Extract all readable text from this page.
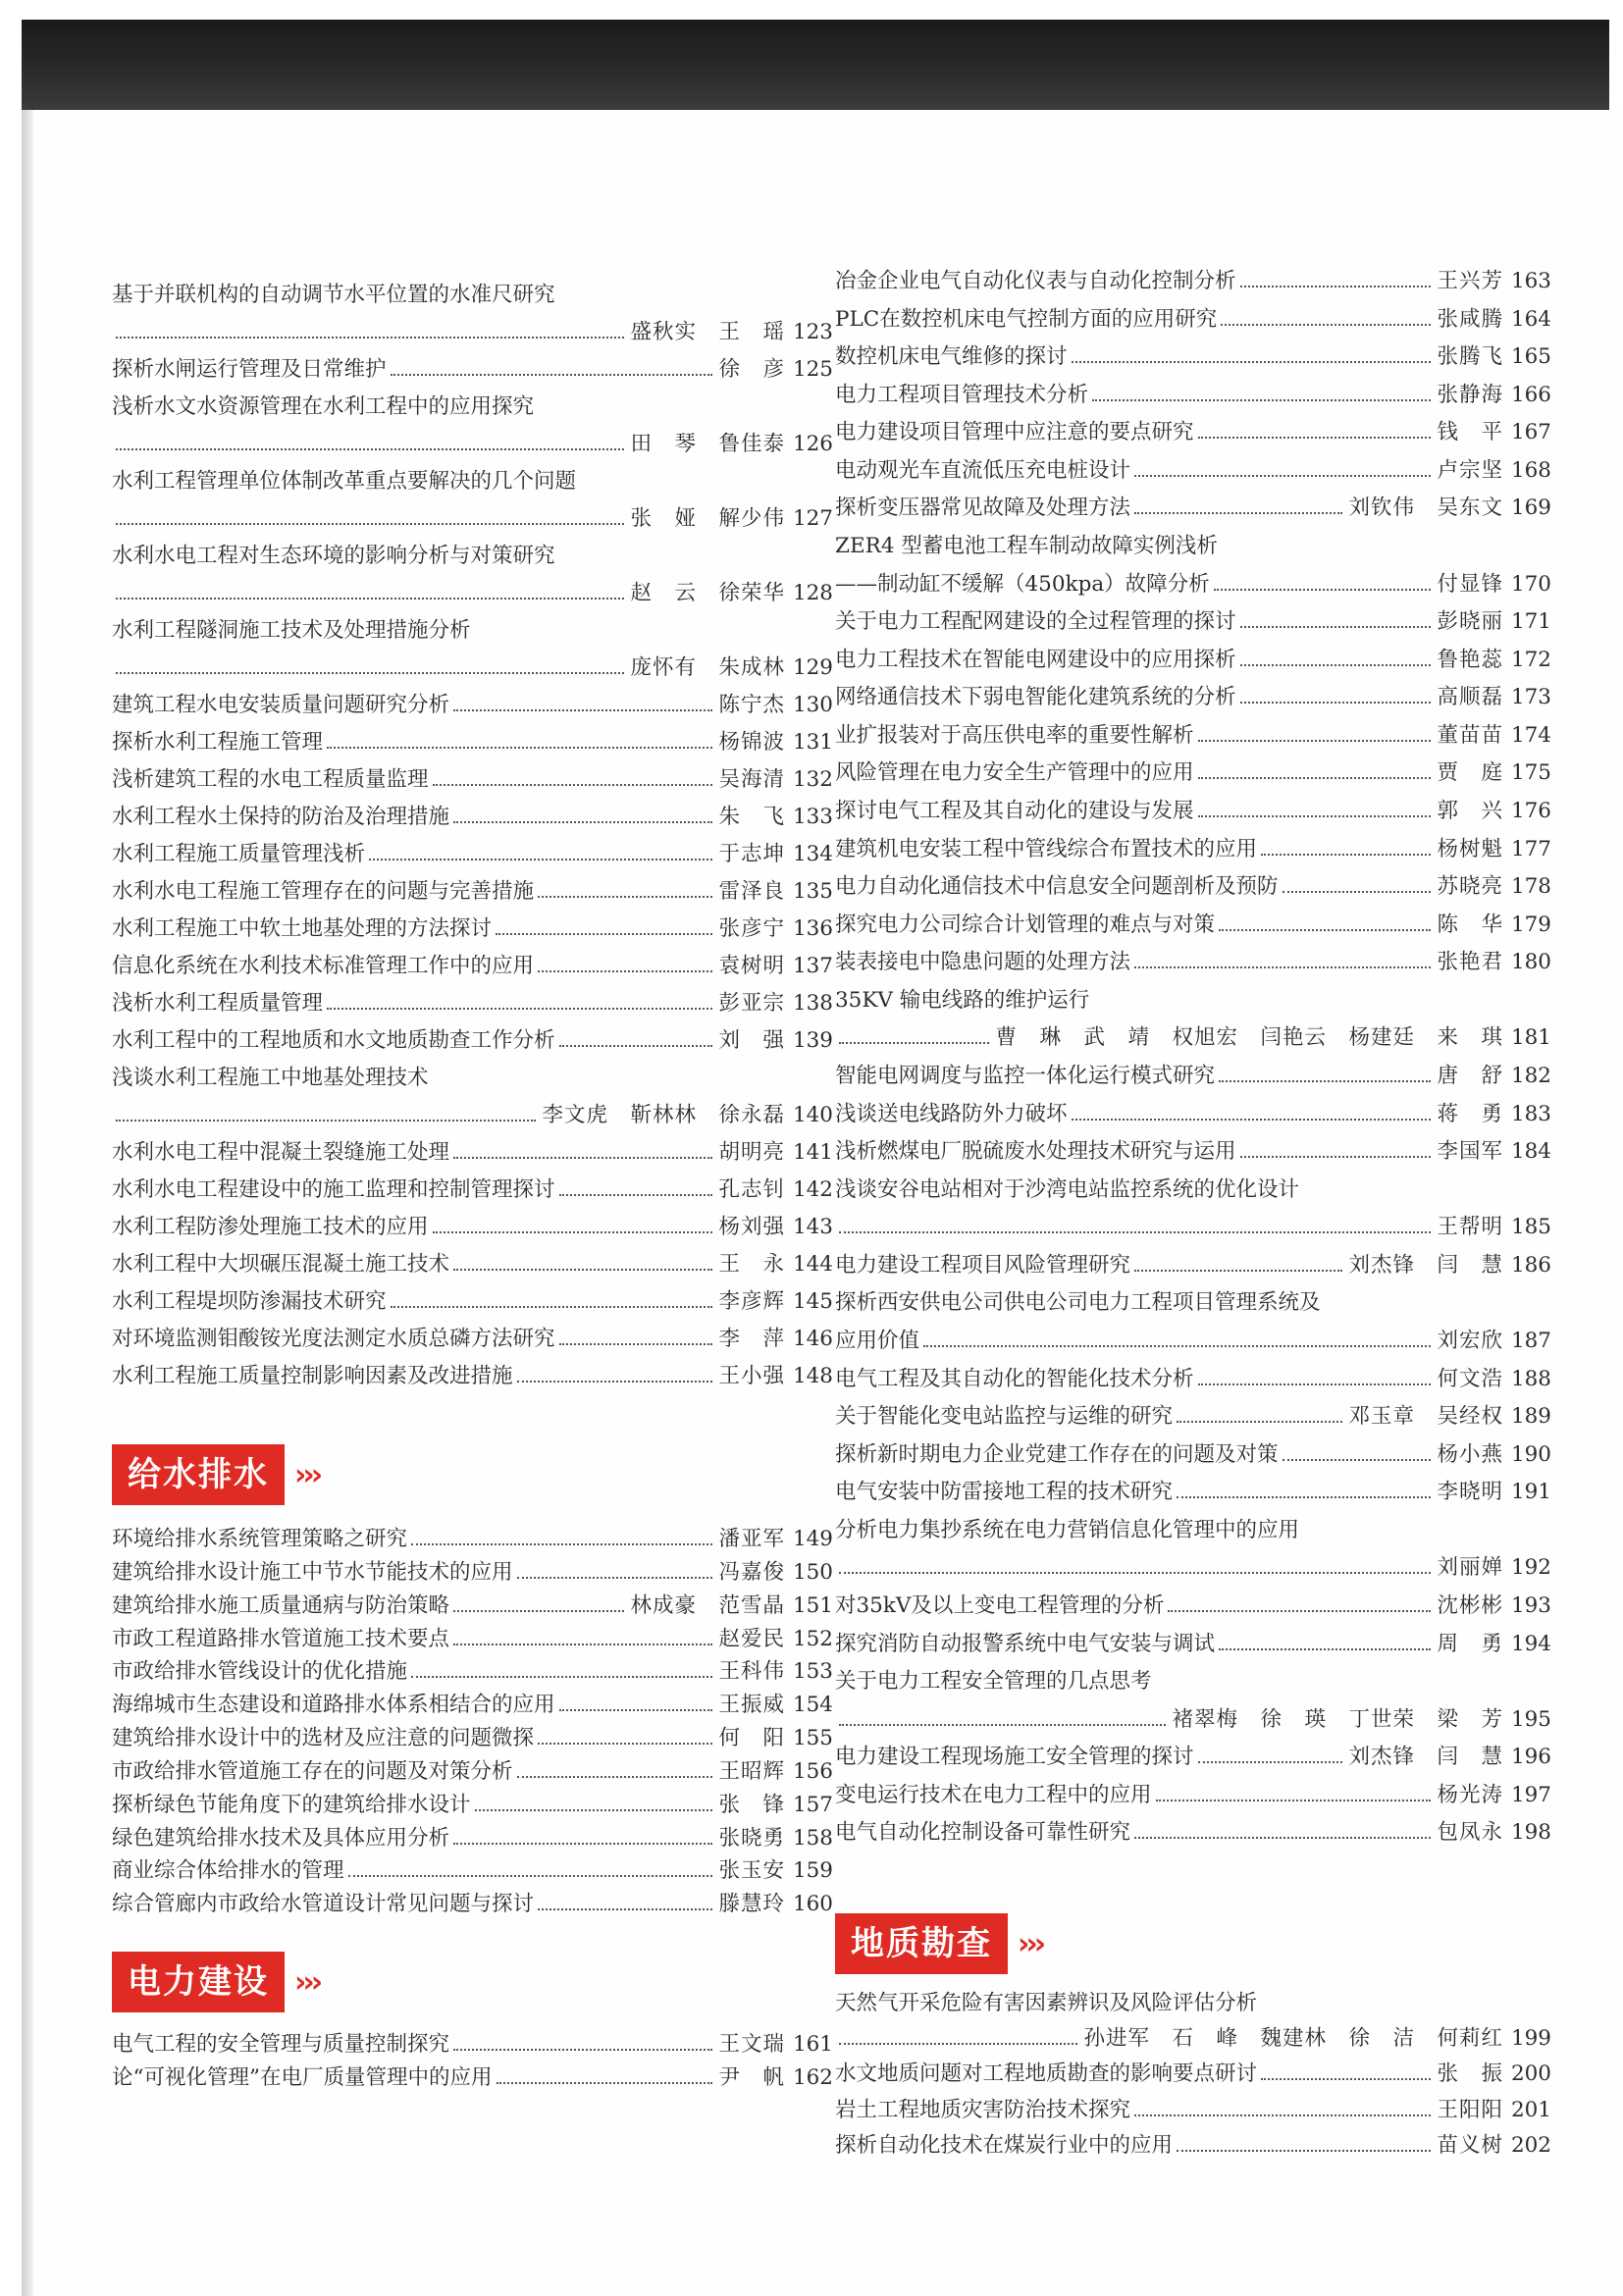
基于并联机构的自动调节水平位置的水准尺研究
盛秋实　王　瑶 123
探析水闸运行管理及日常维护	徐　彦 125
浅析水文水资源管理在水利工程中的应用探究
田　琴　鲁佳泰 126
水利工程管理单位体制改革重点要解决的几个问题
张　娅　解少伟 127
水利水电工程对生态环境的影响分析与对策研究
赵　云　徐荣华 128
水利工程隧洞施工技术及处理措施分析
庞怀有　朱成林 129
建筑工程水电安装质量问题研究分析	陈宁杰 130
探析水利工程施工管理	杨锦波 131
浅析建筑工程的水电工程质量监理	吴海清 132
水利工程水土保持的防治及治理措施	朱　飞 133
水利工程施工质量管理浅析	于志坤 134
水利水电工程施工管理存在的问题与完善措施	雷泽良 135
水利工程施工中软土地基处理的方法探讨	张彦宁 136
信息化系统在水利技术标准管理工作中的应用	袁树明 137
浅析水利工程质量管理	彭亚宗 138
水利工程中的工程地质和水文地质勘查工作分析	刘　强 139
浅谈水利工程施工中地基处理技术
李文虎　靳林林　徐永磊 140
水利水电工程中混凝土裂缝施工处理	胡明亮 141
水利水电工程建设中的施工监理和控制管理探讨	孔志钊 142
水利工程防渗处理施工技术的应用	杨刘强 143
水利工程中大坝碾压混凝土施工技术	王　永 144
水利工程堤坝防渗漏技术研究	李彦辉 145
对环境监测钼酸铵光度法测定水质总磷方法研究	李　萍 146
水利工程施工质量控制影响因素及改进措施	王小强 148
给水排水 ›››
环境给排水系统管理策略之研究	潘亚军 149
建筑给排水设计施工中节水节能技术的应用	冯嘉俊 150
建筑给排水施工质量通病与防治策略	林成豪　范雪晶 151
市政工程道路排水管道施工技术要点	赵爱民 152
市政给排水管线设计的优化措施	王科伟 153
海绵城市生态建设和道路排水体系相结合的应用	王振威 154
建筑给排水设计中的选材及应注意的问题微探	何　阳 155
市政给排水管道施工存在的问题及对策分析	王昭辉 156
探析绿色节能角度下的建筑给排水设计	张　锋 157
绿色建筑给排水技术及具体应用分析	张晓勇 158
商业综合体给排水的管理	张玉安 159
综合管廊内市政给水管道设计常见问题与探讨	滕慧玲 160
电力建设 ›››
电气工程的安全管理与质量控制探究	王文瑞 161
论“可视化管理”在电厂质量管理中的应用	尹　帆 162
冶金企业电气自动化仪表与自动化控制分析	王兴芳 163
PLC在数控机床电气控制方面的应用研究	张咸腾 164
数控机床电气维修的探讨	张腾飞 165
电力工程项目管理技术分析	张静海 166
电力建设项目管理中应注意的要点研究	钱　平 167
电动观光车直流低压充电桩设计	卢宗坚 168
探析变压器常见故障及处理方法	刘钦伟　吴东文 169
ZER4 型蓄电池工程车制动故障实例浅析
——制动缸不缓解（450kpa）故障分析	付显锋 170
关于电力工程配网建设的全过程管理的探讨	彭晓丽 171
电力工程技术在智能电网建设中的应用探析	鲁艳蕊 172
网络通信技术下弱电智能化建筑系统的分析	高顺磊 173
业扩报装对于高压供电率的重要性解析	董苗苗 174
风险管理在电力安全生产管理中的应用	贾　庭 175
探讨电气工程及其自动化的建设与发展	郭　兴 176
建筑机电安装工程中管线综合布置技术的应用	杨树魁 177
电力自动化通信技术中信息安全问题剖析及预防	苏晓亮 178
探究电力公司综合计划管理的难点与对策	陈　华 179
装表接电中隐患问题的处理方法	张艳君 180
35KV 输电线路的维护运行
曹　琳　武　靖　权旭宏　闫艳云　杨建廷　来　琪 181
智能电网调度与监控一体化运行模式研究	唐　舒 182
浅谈送电线路防外力破坏	蒋　勇 183
浅析燃煤电厂脱硫废水处理技术研究与运用	李国军 184
浅谈安谷电站相对于沙湾电站监控系统的优化设计
王帮明 185
电力建设工程项目风险管理研究	刘杰锋　闫　慧 186
探析西安供电公司供电公司电力工程项目管理系统及
应用价值	刘宏欣 187
电气工程及其自动化的智能化技术分析	何文浩 188
关于智能化变电站监控与运维的研究	邓玉章　吴经权 189
探析新时期电力企业党建工作存在的问题及对策	杨小燕 190
电气安装中防雷接地工程的技术研究	李晓明 191
分析电力集抄系统在电力营销信息化管理中的应用
刘丽婵 192
对35kV及以上变电工程管理的分析	沈彬彬 193
探究消防自动报警系统中电气安装与调试	周　勇 194
关于电力工程安全管理的几点思考
褚翠梅　徐　瑛　丁世荣　梁　芳 195
电力建设工程现场施工安全管理的探讨	刘杰锋　闫　慧 196
变电运行技术在电力工程中的应用	杨光涛 197
电气自动化控制设备可靠性研究	包凤永 198
地质勘查 ›››
天然气开采危险有害因素辨识及风险评估分析
孙进军　石　峰　魏建林　徐　洁　何莉红 199
水文地质问题对工程地质勘查的影响要点研讨	张　振 200
岩土工程地质灾害防治技术探究	王阳阳 201
探析自动化技术在煤炭行业中的应用	苗义树 202
